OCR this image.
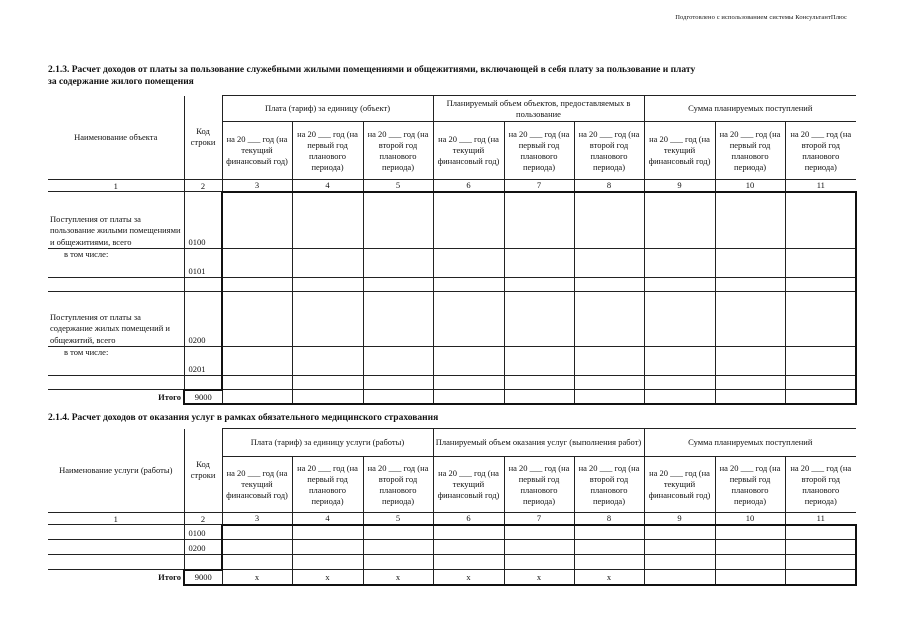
Подготовлено с использованием системы КонсультантПлюс
2.1.3. Расчет доходов от платы за пользование служебными жилыми помещениями и общежитиями, включающей в себя плату за пользование и плату
за содержание жилого помещения
Наименование объекта	Код строки	Плата (тариф) за единицу (объект)			Планируемый объем объектов, предоставляемых в пользование			Сумма планируемых поступлений		
		на 20 ___ год (на текущий финансовый год)	на 20 ___ год (на первый год планового периода)	на 20 ___ год (на второй год планового периода)	на 20 ___ год (на текущий финансовый год)	на 20 ___ год (на первый год планового периода)	на 20 ___ год (на второй год планового периода)	на 20 ___ год (на текущий финансовый год)	на 20 ___ год (на первый год планового периода)	на 20 ___ год (на второй год планового периода)
1	2	3	4	5	6	7	8	9	10	11
Поступления от платы за пользование жилыми помещениями и общежитиями, всего	0100									
в том числе:	0101									

Поступления от платы за содержание жилых помещений и общежитий, всего	0200									
в том числе:	0201									

Итого	9000									
2.1.4. Расчет доходов от оказания услуг в рамках обязательного медицинского страхования
Наименование услуги (работы)	Код строки	Плата (тариф) за единицу услуги (работы)			Планируемый объем оказания услуг (выполнения работ)			Сумма планируемых поступлений		
		на 20 ___ год (на текущий финансовый год)	на 20 ___ год (на первый год планового периода)	на 20 ___ год (на второй год планового периода)	на 20 ___ год (на текущий финансовый год)	на 20 ___ год (на первый год планового периода)	на 20 ___ год (на второй год планового периода)	на 20 ___ год (на текущий финансовый год)	на 20 ___ год (на первый год планового периода)	на 20 ___ год (на второй год планового периода)
1	2	3	4	5	6	7	8	9	10	11
	0100									
	0200									

Итого	9000	x	x	x	x	x	x			
